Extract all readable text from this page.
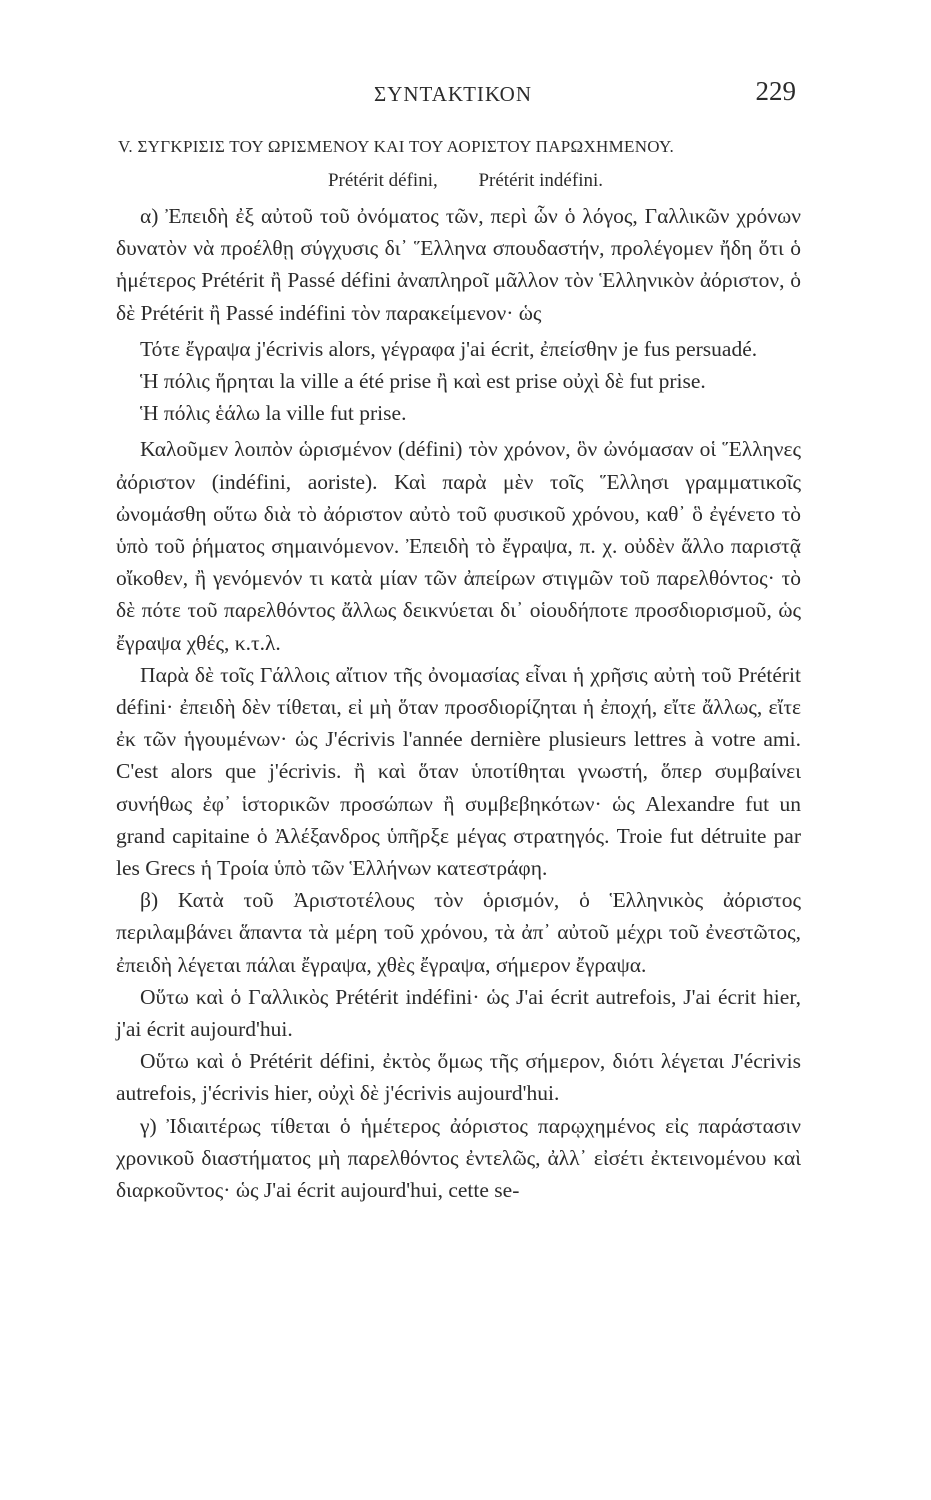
ΣΥΝΤΑΚΤΙΚΟΝ	229
V. ΣΥΓΚΡΙΣΙΣ ΤΟΥ ΩΡΙΣΜΕΝΟΥ ΚΑΙ ΤΟΥ ΑΟΡΙΣΤΟΥ ΠΑΡΩΧΗΜΕΝΟΥ.
Prétérit défini, Prétérit indéfini.

α) Ἐπειδὴ ἐξ αὐτοῦ τοῦ ὀνόματος τῶν, περὶ ὧν ὁ λόγος, Γαλλικῶν χρόνων δυνατὸν νὰ προέλθῃ σύγχυσις δι᾽ Ἕλληνα σπουδαστήν, προλέγομεν ἤδη ὅτι ὁ ἡμέτερος Prétérit ἢ Passé défini ἀναπληροῖ μᾶλλον τὸν Ἑλληνικὸν ἀόριστον, ὁ δὲ Prétérit ἢ Passé indéfini τὸν παρακείμενον· ὡς

Τότε ἔγραψα j'écrivis alors, γέγραφα j'ai écrit, ἐπείσθην je fus persuadé.

Ἡ πόλις ἥρηται la ville a été prise ἢ καὶ est prise οὐχὶ δὲ fut prise.

Ἡ πόλις ἑάλω la ville fut prise.

Καλοῦμεν λοιπὸν ὡρισμένον (défini) τὸν χρόνον, ὃν ὠνόμασαν οἱ Ἕλληνες ἀόριστον (indéfini, aoriste). Καὶ παρὰ μὲν τοῖς Ἕλλησι γραμματικοῖς ὠνομάσθη οὕτω διὰ τὸ ἀόριστον αὐτὸ τοῦ φυσικοῦ χρόνου, καθ᾽ ὃ ἐγένετο τὸ ὑπὸ τοῦ ῥήματος σημαινόμενον. Ἐπειδὴ τὸ ἔγραψα, π. χ. οὐδὲν ἄλλο παριστᾷ οἴκοθεν, ἢ γενόμενόν τι κατὰ μίαν τῶν ἀπείρων στιγμῶν τοῦ παρελθόντος· τὸ δὲ πότε τοῦ παρελθόντος ἄλλως δεικνύεται δι᾽ οἱουδήποτε προσδιορισμοῦ, ὡς ἔγραψα χθές, κ.τ.λ.

Παρὰ δὲ τοῖς Γάλλοις αἴτιον τῆς ὀνομασίας εἶναι ἡ χρῆσις αὐτὴ τοῦ Prétérit défini· ἐπειδὴ δὲν τίθεται, εἰ μὴ ὅταν προσδιορίζηται ἡ ἐποχή, εἴτε ἄλλως, εἴτε ἐκ τῶν ἡγουμένων· ὡς J'écrivis l'année dernière plusieurs lettres à votre ami. C'est alors que j'écrivis. ἢ καὶ ὅταν ὑποτίθηται γνωστή, ὅπερ συμβαίνει συνήθως ἐφ᾽ ἱστορικῶν προσώπων ἢ συμβεβηκότων· ὡς Alexandre fut un grand capitaine ὁ Ἀλέξανδρος ὑπῆρξε μέγας στρατηγός. Troie fut détruite par les Grecs ἡ Τροία ὑπὸ τῶν Ἑλλήνων κατεστράφη.

β) Κατὰ τοῦ Ἀριστοτέλους τὸν ὁρισμόν, ὁ Ἑλληνικὸς ἀόριστος περιλαμβάνει ἅπαντα τὰ μέρη τοῦ χρόνου, τὰ ἀπ᾽ αὐτοῦ μέχρι τοῦ ἐνεστῶτος, ἐπειδὴ λέγεται πάλαι ἔγραψα, χθὲς ἔγραψα, σήμερον ἔγραψα.

Οὕτω καὶ ὁ Γαλλικὸς Prétérit indéfini· ὡς J'ai écrit autrefois, J'ai écrit hier, j'ai écrit aujourd'hui.

Οὕτω καὶ ὁ Prétérit défini, ἐκτὸς ὅμως τῆς σήμερον, διότι λέγεται J'écrivis autrefois, j'écrivis hier, οὐχὶ δὲ j'écrivis aujourd'hui.

γ) Ἰδιαιτέρως τίθεται ὁ ἡμέτερος ἀόριστος παρῳχημένος εἰς παράστασιν χρονικοῦ διαστήματος μὴ παρελθόντος ἐντελῶς, ἀλλ᾽ εἰσέτι ἐκτεινομένου καὶ διαρκοῦντος· ὡς J'ai écrit aujourd'hui, cette se-
